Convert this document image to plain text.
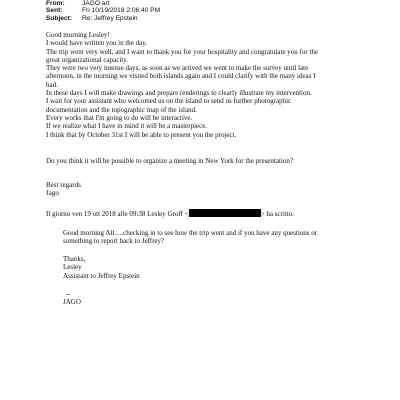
From:	JAGO art
Sent:	Fri 10/19/2018 2:06:40 PM
Subject:	Re: Jeffrey Epstein
Good morning Lesley!
I would have written you in the day.
The trip went very well, and I want to thank you for your hospitality and congratulate you for the
great organizational capacity.
They were two very intense days, as soon as we arrived we went to make the survey until late
afternoon, in the morning we visited both islands again and I could clarify with the many ideas I
had.
In these days I will make drawings and prepare renderings to clearly illustrate my intervention.
I wait for your assistant who welcomed us on the island to send us further photographic
documentation and the topographic map of the island.
Every works that I'm going to do will be interactive.
If we realize what I have in mind it will be a masterpiece.
I think that by October 31st I will be able to present you the project.
Do you think it will be possible to organize a meeting in New York for the presentation?
Best regards
Jago
Il giorno ven 19 ott 2018 alle 09:38 Lesley Groff <	> ha scritto:
Good morning All….checking in to see how the trip went and if you have any questions or
something to report back to Jeffrey?
Thanks,
Lesley
Assistant to Jeffrey Epstein
--
JAGO
